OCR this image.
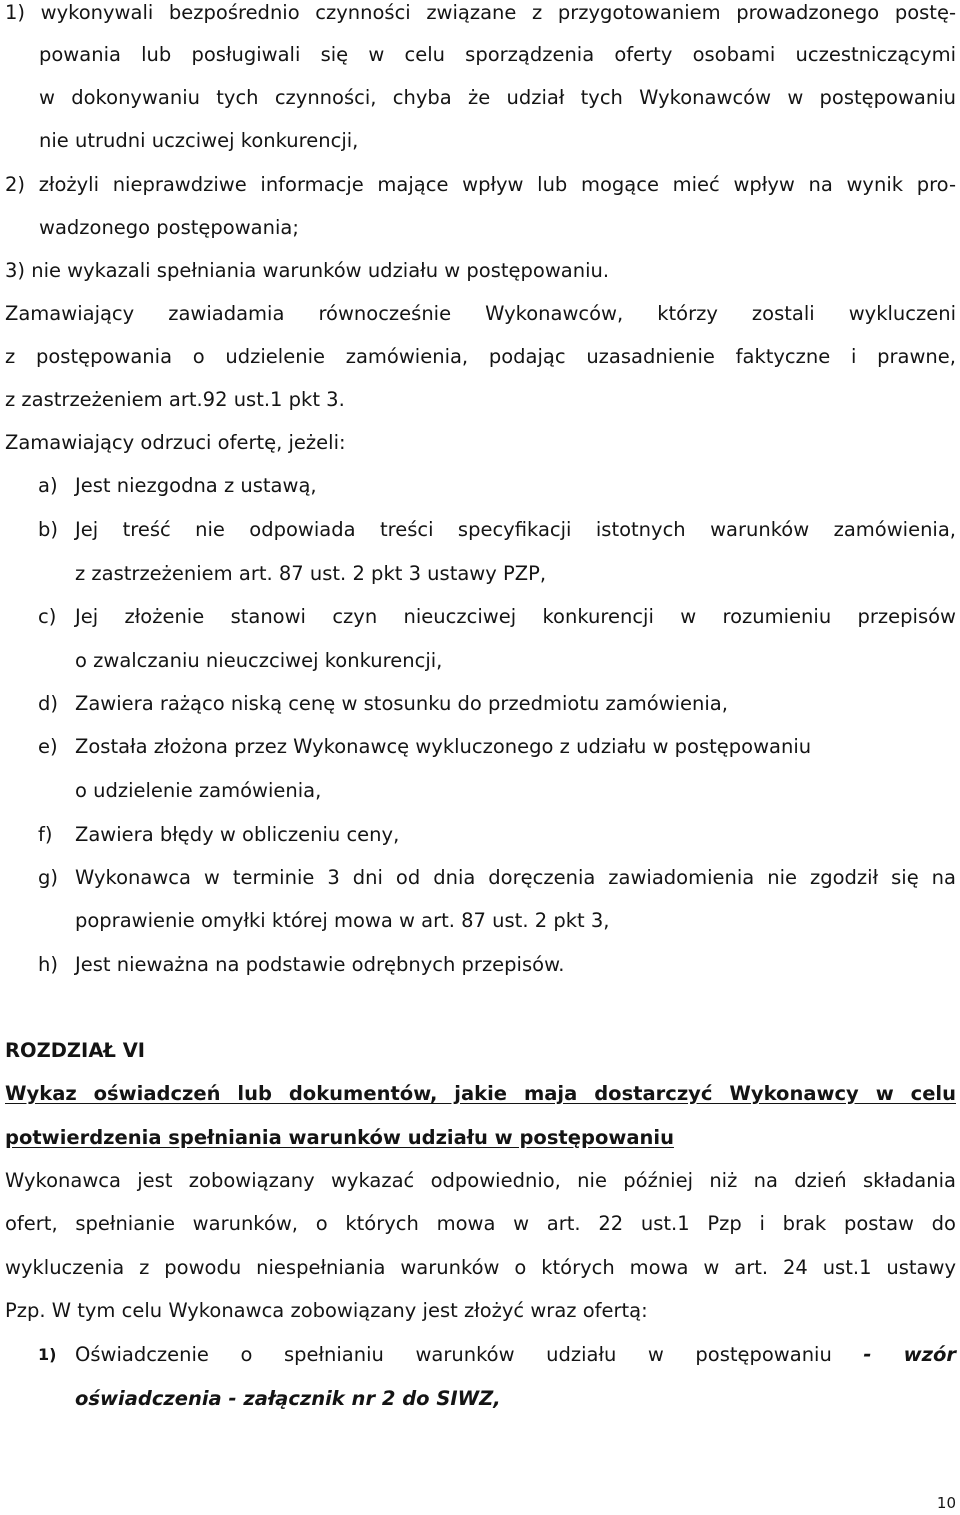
1) wykonywali bezpośrednio czynności związane z przygotowaniem prowadzonego postę-
powania lub posługiwali się w celu sporządzenia oferty osobami uczestniczącymi
w dokonywaniu tych czynności, chyba że udział tych Wykonawców w postępowaniu
nie utrudni uczciwej konkurencji,
2) złożyli nieprawdziwe informacje mające wpływ lub mogące mieć wpływ na wynik pro-
wadzonego postępowania;
3) nie wykazali spełniania warunków udziału w postępowaniu.
Zamawiający zawiadamia równocześnie Wykonawców, którzy zostali wykluczeni
z postępowania o udzielenie zamówienia, podając uzasadnienie faktyczne i prawne,
z zastrzeżeniem art.92 ust.1 pkt 3.
Zamawiający odrzuci ofertę, jeżeli:
a) Jest niezgodna z ustawą,
b) Jej treść nie odpowiada treści specyfikacji istotnych warunków zamówienia,
z zastrzeżeniem art. 87 ust. 2 pkt 3 ustawy PZP,
c) Jej złożenie stanowi czyn nieuczciwej konkurencji w rozumieniu przepisów
o zwalczaniu nieuczciwej konkurencji,
d) Zawiera rażąco niską cenę w stosunku do przedmiotu zamówienia,
e) Została złożona przez Wykonawcę wykluczonego z udziału w postępowaniu
o udzielenie zamówienia,
f) Zawiera błędy w obliczeniu ceny,
g) Wykonawca w terminie 3 dni od dnia doręczenia zawiadomienia nie zgodził się na
poprawienie omyłki której mowa w art. 87 ust. 2 pkt 3,
h) Jest nieważna na podstawie odrębnych przepisów.
ROZDZIAŁ VI
Wykaz oświadczeń lub dokumentów, jakie maja dostarczyć Wykonawcy w celu
potwierdzenia spełniania warunków udziału w postępowaniu
Wykonawca jest zobowiązany wykazać odpowiednio, nie później niż na dzień składania
ofert, spełnianie warunków, o których mowa w art. 22 ust.1 Pzp i brak postaw do
wykluczenia z powodu niespełniania warunków o których mowa w art. 24 ust.1 ustawy
Pzp. W tym celu Wykonawca zobowiązany jest złożyć wraz ofertą:
1) Oświadczenie o spełnianiu warunków udziału w postępowaniu - wzór
oświadczenia - załącznik nr 2 do SIWZ,
10
